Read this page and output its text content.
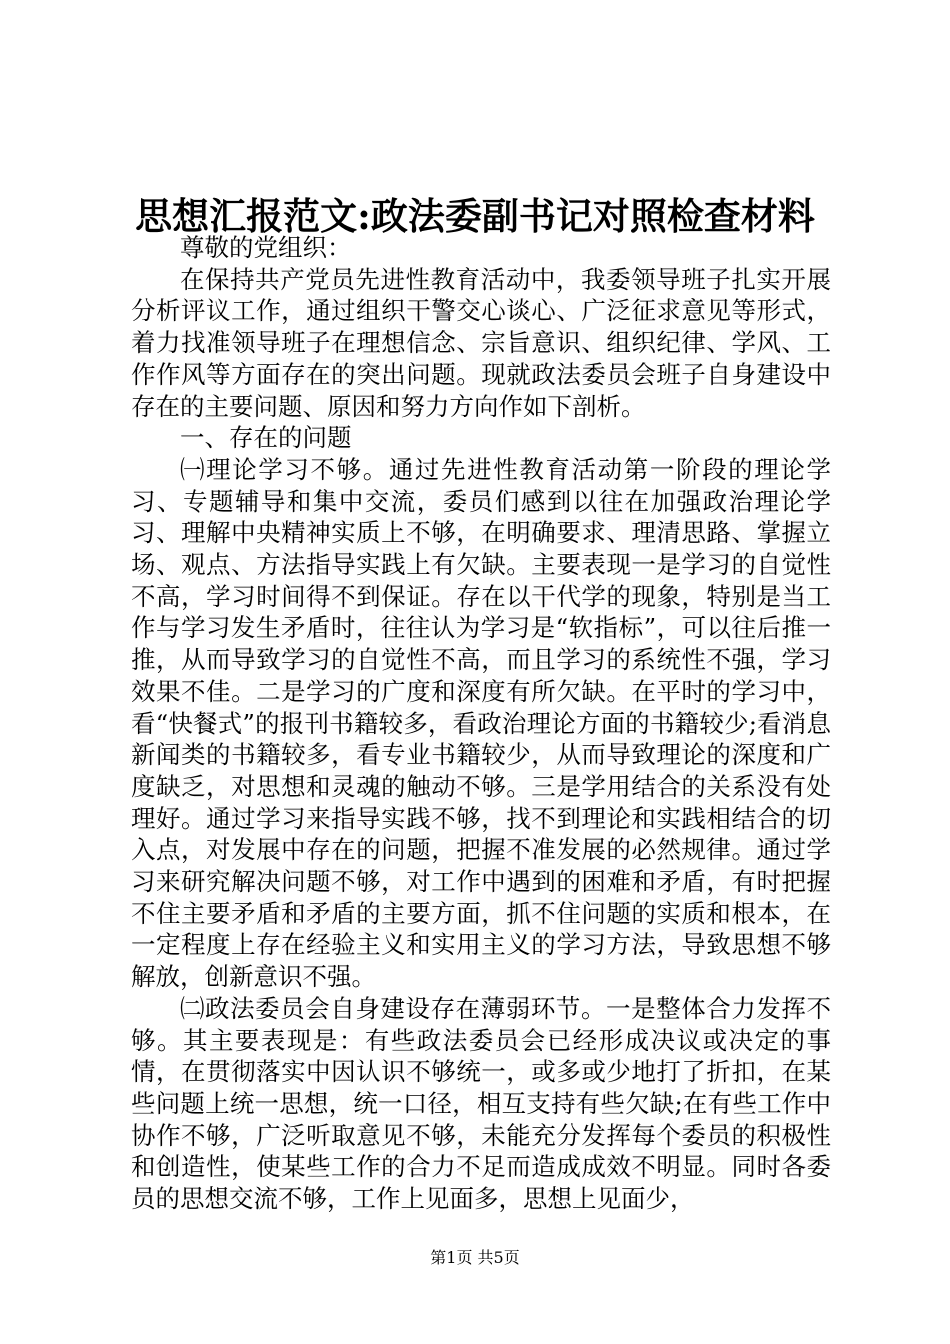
思想汇报范文:政法委副书记对照检查材料

尊敬的党组织：

在保持共产党员先进性教育活动中，我委领导班子扎实开展分析评议工作，通过组织干警交心谈心、广泛征求意见等形式，着力找准领导班子在理想信念、宗旨意识、组织纪律、学风、工作作风等方面存在的突出问题。现就政法委员会班子自身建设中存在的主要问题、原因和努力方向作如下剖析。

一、存在的问题

㈠理论学习不够。通过先进性教育活动第一阶段的理论学习、专题辅导和集中交流，委员们感到以往在加强政治理论学习、理解中央精神实质上不够，在明确要求、理清思路、掌握立场、观点、方法指导实践上有欠缺。主要表现一是学习的自觉性不高，学习时间得不到保证。存在以干代学的现象，特别是当工作与学习发生矛盾时，往往认为学习是“软指标”，可以往后推一推，从而导致学习的自觉性不高，而且学习的系统性不强，学习效果不佳。二是学习的广度和深度有所欠缺。在平时的学习中，看“快餐式”的报刊书籍较多，看政治理论方面的书籍较少;看消息新闻类的书籍较多，看专业书籍较少，从而导致理论的深度和广度缺乏，对思想和灵魂的触动不够。三是学用结合的关系没有处理好。通过学习来指导实践不够，找不到理论和实践相结合的切入点，对发展中存在的问题，把握不准发展的必然规律。通过学习来研究解决问题不够，对工作中遇到的困难和矛盾，有时把握不住主要矛盾和矛盾的主要方面，抓不住问题的实质和根本，在一定程度上存在经验主义和实用主义的学习方法，导致思想不够解放，创新意识不强。

㈡政法委员会自身建设存在薄弱环节。一是整体合力发挥不够。其主要表现是：有些政法委员会已经形成决议或决定的事情，在贯彻落实中因认识不够统一，或多或少地打了折扣，在某些问题上统一思想，统一口径，相互支持有些欠缺;在有些工作中协作不够，广泛听取意见不够，未能充分发挥每个委员的积极性和创造性，使某些工作的合力不足而造成成效不明显。同时各委员的思想交流不够，工作上见面多，思想上见面少，

第1页 共5页
